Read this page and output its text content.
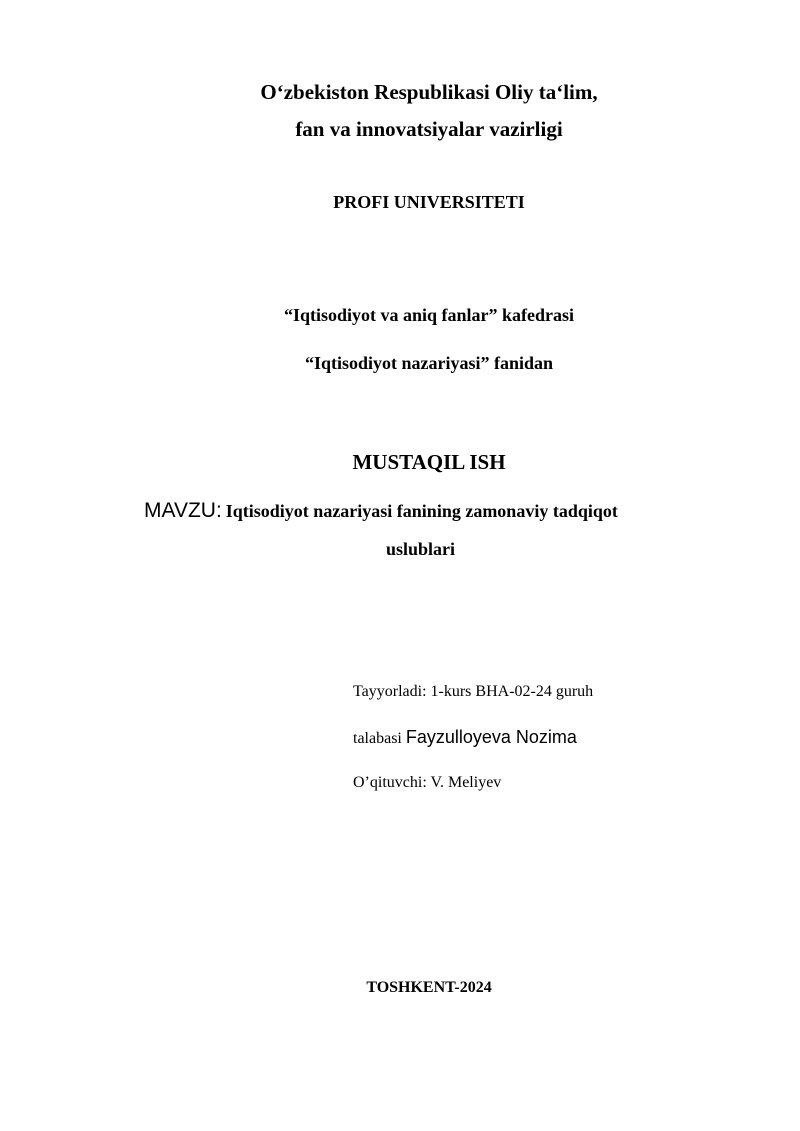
O‘zbekiston Respublikasi Oliy ta‘lim,
fan va innovatsiyalar vazirligi
PROFI UNIVERSITETI
“Iqtisodiyot va aniq fanlar” kafedrasi
“Iqtisodiyot nazariyasi” fanidan
MUSTAQIL ISH
MAVZU: Iqtisodiyot nazariyasi fanining zamonaviy tadqiqot
uslublari
Tayyorladi: 1-kurs BHA-02-24 guruh
talabasi Fayzulloyeva Nozima
O’qituvchi: V. Meliyev
TOSHKENT-2024
